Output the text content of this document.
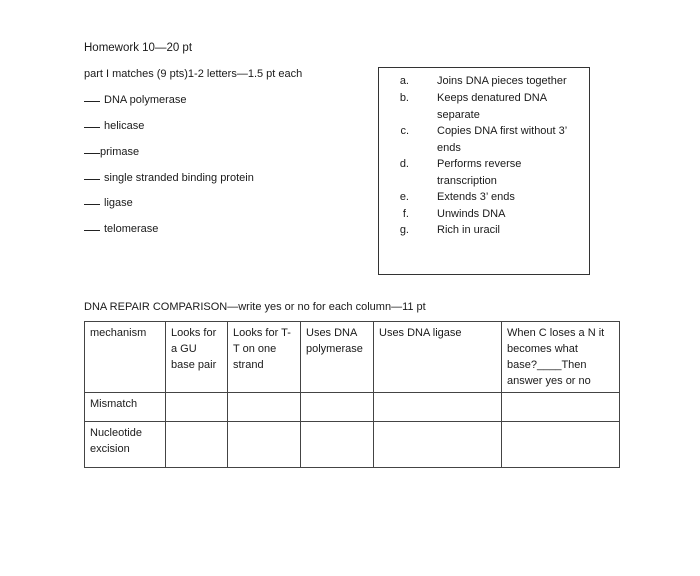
Homework 10—20 pt
part I matches (9 pts)1-2 letters—1.5 pt each
DNA polymerase
helicase
primase
single stranded binding protein
ligase
telomerase
a.	Joins DNA pieces together
b.	Keeps denatured DNA
separate
c.	Copies DNA first without 3’
ends
d.	Performs reverse
transcription
e.	Extends 3’ ends
f.	Unwinds DNA
g.	Rich in uracil
DNA REPAIR COMPARISON—write yes or no for each column—11 pt
mechanism	Looks for
a GU
base pair	Looks for T-
T on one
strand	Uses DNA
polymerase	Uses DNA ligase	When C loses a N it
becomes what
base?____Then
answer yes or no
Mismatch					
Nucleotide
excision					
